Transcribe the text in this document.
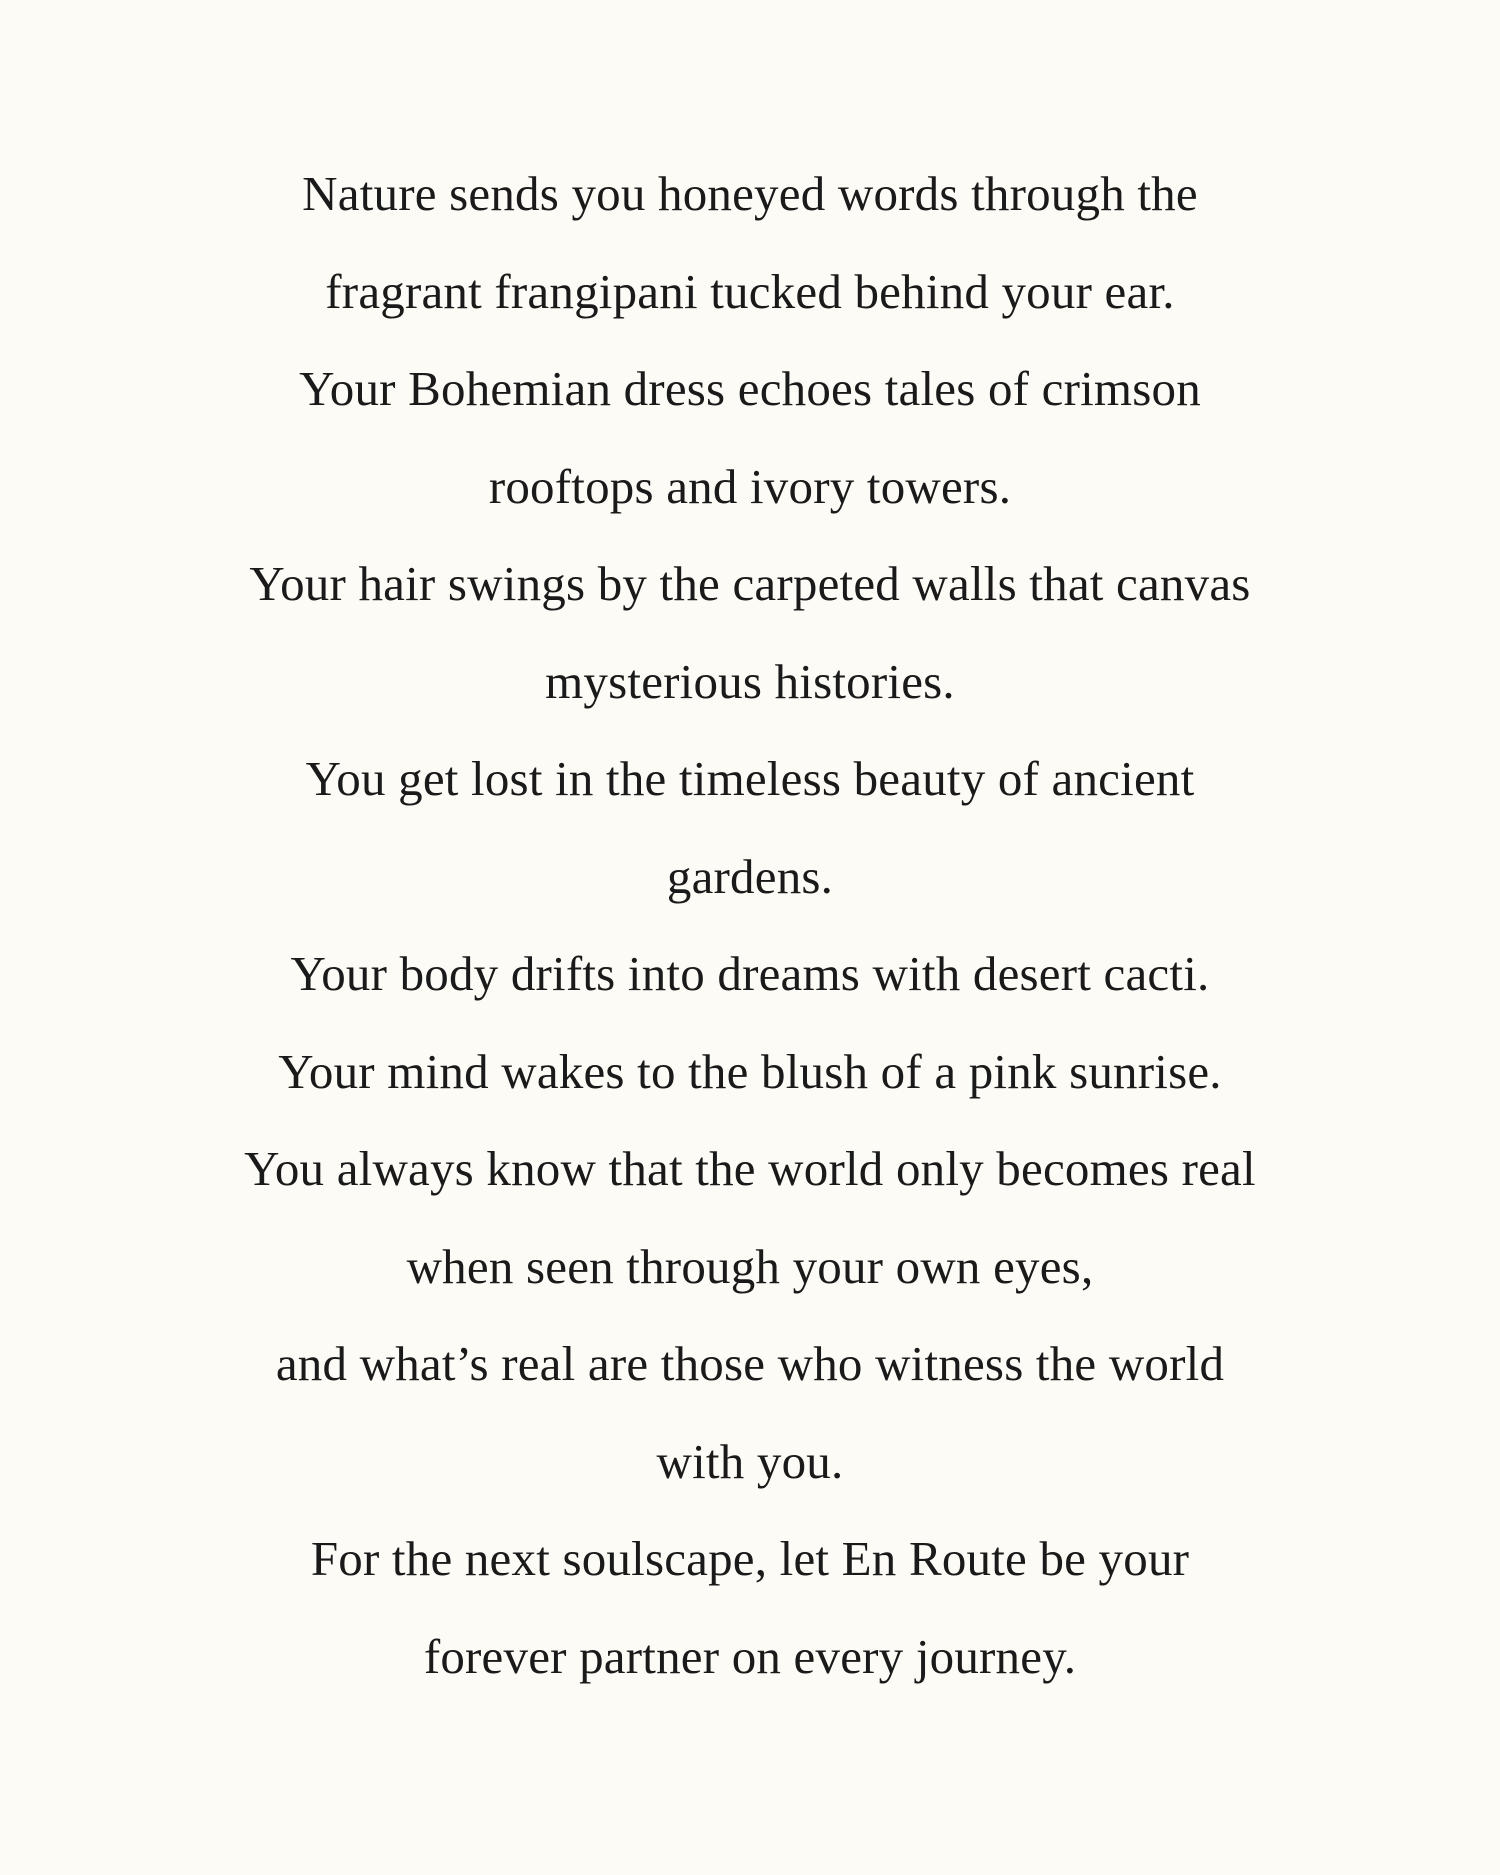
Nature sends you honeyed words through the
fragrant frangipani tucked behind your ear.
Your Bohemian dress echoes tales of crimson
rooftops and ivory towers.
Your hair swings by the carpeted walls that canvas
mysterious histories.
You get lost in the timeless beauty of ancient
gardens.
Your body drifts into dreams with desert cacti.
Your mind wakes to the blush of a pink sunrise.
You always know that the world only becomes real
when seen through your own eyes,
and what’s real are those who witness the world
with you.
For the next soulscape, let En Route be your
forever partner on every journey.
